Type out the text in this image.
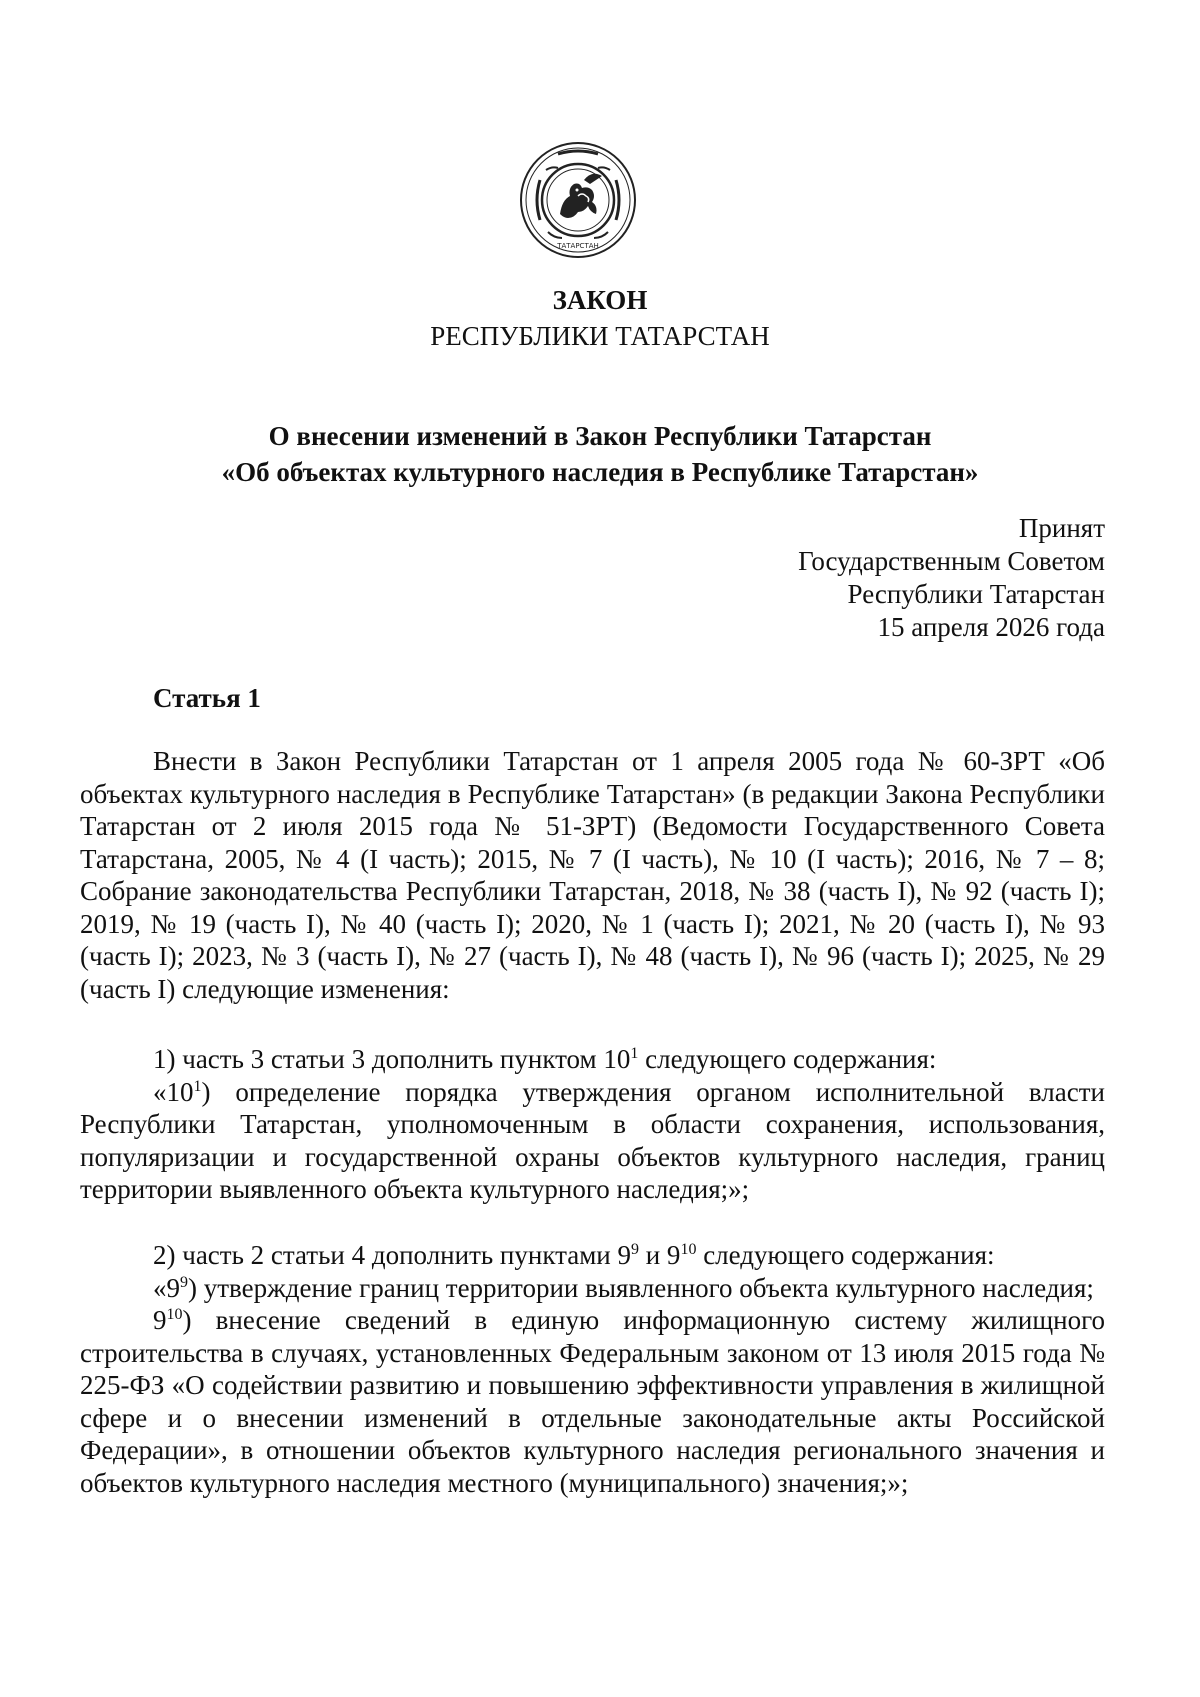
ТАТАРСТАН
ЗАКОН
РЕСПУБЛИКИ ТАТАРСТАН
О внесении изменений в Закон Республики Татарстан
«Об объектах культурного наследия в Республике Татарстан»
Принят
Государственным Советом
Республики Татарстан
15 апреля 2026 года
Статья 1

Внести в Закон Республики Татарстан от 1 апреля 2005 года № 60-ЗРТ «Об объектах культурного наследия в Республике Татарстан» (в редакции Закона Республики Татарстан от 2 июля 2015 года № 51-ЗРТ) (Ведомости Государственного Совета Татарстана, 2005, № 4 (I часть); 2015, № 7 (I часть), № 10 (I часть); 2016, № 7 – 8; Собрание законодательства Республики Татарстан, 2018, № 38 (часть I), № 92 (часть I); 2019, № 19 (часть I), № 40 (часть I); 2020, № 1 (часть I); 2021, № 20 (часть I), № 93 (часть I); 2023, № 3 (часть I), № 27 (часть I), № 48 (часть I), № 96 (часть I); 2025, № 29 (часть I) следующие изменения:

1) часть 3 статьи 3 дополнить пунктом $10^1$ следующего содержания:

«$10^1$) определение порядка утверждения органом исполнительной власти Республики Татарстан, уполномоченным в области сохранения, использования, популяризации и государственной охраны объектов культурного наследия, границ территории выявленного объекта культурного наследия;»;

2) часть 2 статьи 4 дополнить пунктами $9^9$ и $9^{10}$ следующего содержания:

«$9^9$) утверждение границ территории выявленного объекта культурного наследия;

$9^{10}$) внесение сведений в единую информационную систему жилищного строительства в случаях, установленных Федеральным законом от 13 июля 2015 года № 225-ФЗ «О содействии развитию и повышению эффективности управления в жилищной сфере и о внесении изменений в отдельные законодательные акты Российской Федерации», в отношении объектов культурного наследия регионального значения и объектов культурного наследия местного (муниципального) значения;»;
